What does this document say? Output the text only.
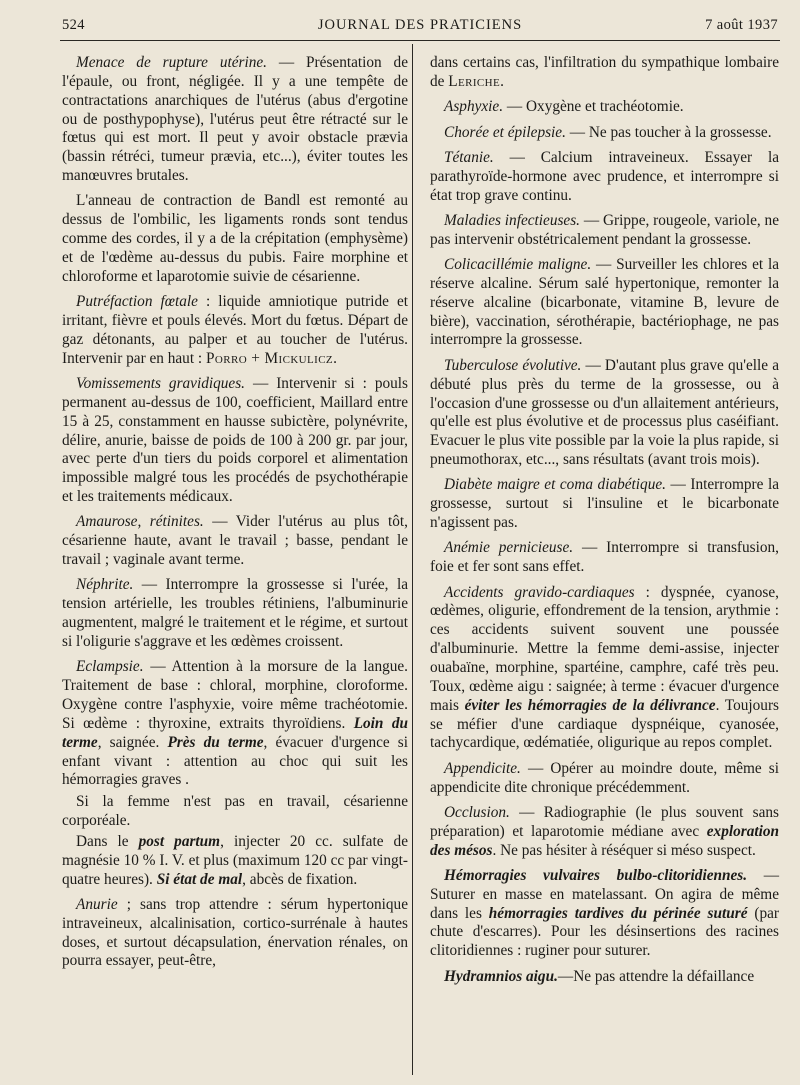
524	JOURNAL DES PRATICIENS	7 août 1937

Menace de rupture utérine. — Présentation de l'épaule, ou front, négligée. Il y a une tempête de contractations anarchiques de l'utérus (abus d'ergotine ou de posthypophyse), l'utérus peut être rétracté sur le fœtus qui est mort. Il peut y avoir obstacle prævia (bassin rétréci, tumeur prævia, etc...), éviter toutes les manœuvres brutales.

L'anneau de contraction de Bandl est remonté au dessus de l'ombilic, les ligaments ronds sont tendus comme des cordes, il y a de la crépitation (emphysème) et de l'œdème au-dessus du pubis. Faire morphine et chloroforme et laparotomie suivie de césarienne.

Putréfaction fœtale : liquide amniotique putride et irritant, fièvre et pouls élevés. Mort du fœtus. Départ de gaz détonants, au palper et au toucher de l'utérus. Intervenir par en haut : Porro + Mickulicz.

Vomissements gravidiques. — Intervenir si : pouls permanent au-dessus de 100, coefficient, Maillard entre 15 à 25, constamment en hausse subictère, polynévrite, délire, anurie, baisse de poids de 100 à 200 gr. par jour, avec perte d'un tiers du poids corporel et alimentation impossible malgré tous les procédés de psychothérapie et les traitements médicaux.

Amaurose, rétinites. — Vider l'utérus au plus tôt, césarienne haute, avant le travail ; basse, pendant le travail ; vaginale avant terme.

Néphrite. — Interrompre la grossesse si l'urée, la tension artérielle, les troubles rétiniens, l'albuminurie augmentent, malgré le traitement et le régime, et surtout si l'oligurie s'aggrave et les œdèmes croissent.

Eclampsie. — Attention à la morsure de la langue. Traitement de base : chloral, morphine, cloroforme. Oxygène contre l'asphyxie, voire même trachéotomie. Si œdème : thyroxine, extraits thyroïdiens. Loin du terme, saignée. Près du terme, évacuer d'urgence si enfant vivant : attention au choc qui suit les hémorragies graves .

Si la femme n'est pas en travail, césarienne corporéale.

Dans le post partum, injecter 20 cc. sulfate de magnésie 10 % I. V. et plus (maximum 120 cc par vingt-quatre heures). Si état de mal, abcès de fixation.

Anurie ; sans trop attendre : sérum hypertonique intraveineux, alcalinisation, cortico-surrénale à hautes doses, et surtout décapsulation, énervation rénales, on pourra essayer, peut-être,

dans certains cas, l'infiltration du sympathique lombaire de Leriche.

Asphyxie. — Oxygène et trachéotomie.

Chorée et épilepsie. — Ne pas toucher à la grossesse.

Tétanie. — Calcium intraveineux. Essayer la parathyroïde-hormone avec prudence, et interrompre si état trop grave continu.

Maladies infectieuses. — Grippe, rougeole, variole, ne pas intervenir obstétricalement pendant la grossesse.

Colicacillémie maligne. — Surveiller les chlores et la réserve alcaline. Sérum salé hypertonique, remonter la réserve alcaline (bicarbonate, vitamine B, levure de bière), vaccination, sérothérapie, bactériophage, ne pas interrompre la grossesse.

Tuberculose évolutive. — D'autant plus grave qu'elle a débuté plus près du terme de la grossesse, ou à l'occasion d'une grossesse ou d'un allaitement antérieurs, qu'elle est plus évolutive et de processus plus caséifiant. Evacuer le plus vite possible par la voie la plus rapide, si pneumothorax, etc..., sans résultats (avant trois mois).

Diabète maigre et coma diabétique. — Interrompre la grossesse, surtout si l'insuline et le bicarbonate n'agissent pas.

Anémie pernicieuse. — Interrompre si transfusion, foie et fer sont sans effet.

Accidents gravido-cardiaques : dyspnée, cyanose, œdèmes, oligurie, effondrement de la tension, arythmie : ces accidents suivent souvent une poussée d'albuminurie. Mettre la femme demi-assise, injecter ouabaïne, morphine, spartéine, camphre, café très peu. Toux, œdème aigu : saignée; à terme : évacuer d'urgence mais éviter les hémorragies de la délivrance. Toujours se méfier d'une cardiaque dyspnéique, cyanosée, tachycardique, œdématiée, oligurique au repos complet.

Appendicite. — Opérer au moindre doute, même si appendicite dite chronique précédemment.

Occlusion. — Radiographie (le plus souvent sans préparation) et laparotomie médiane avec exploration des mésos. Ne pas hésiter à réséquer si méso suspect.

Hémorragies vulvaires bulbo-clitoridiennes. — Suturer en masse en matelassant. On agira de même dans les hémorragies tardives du périnée suturé (par chute d'escarres). Pour les désinsertions des racines clitoridiennes : ruginer pour suturer.

Hydramnios aigu.—Ne pas attendre la défaillance
